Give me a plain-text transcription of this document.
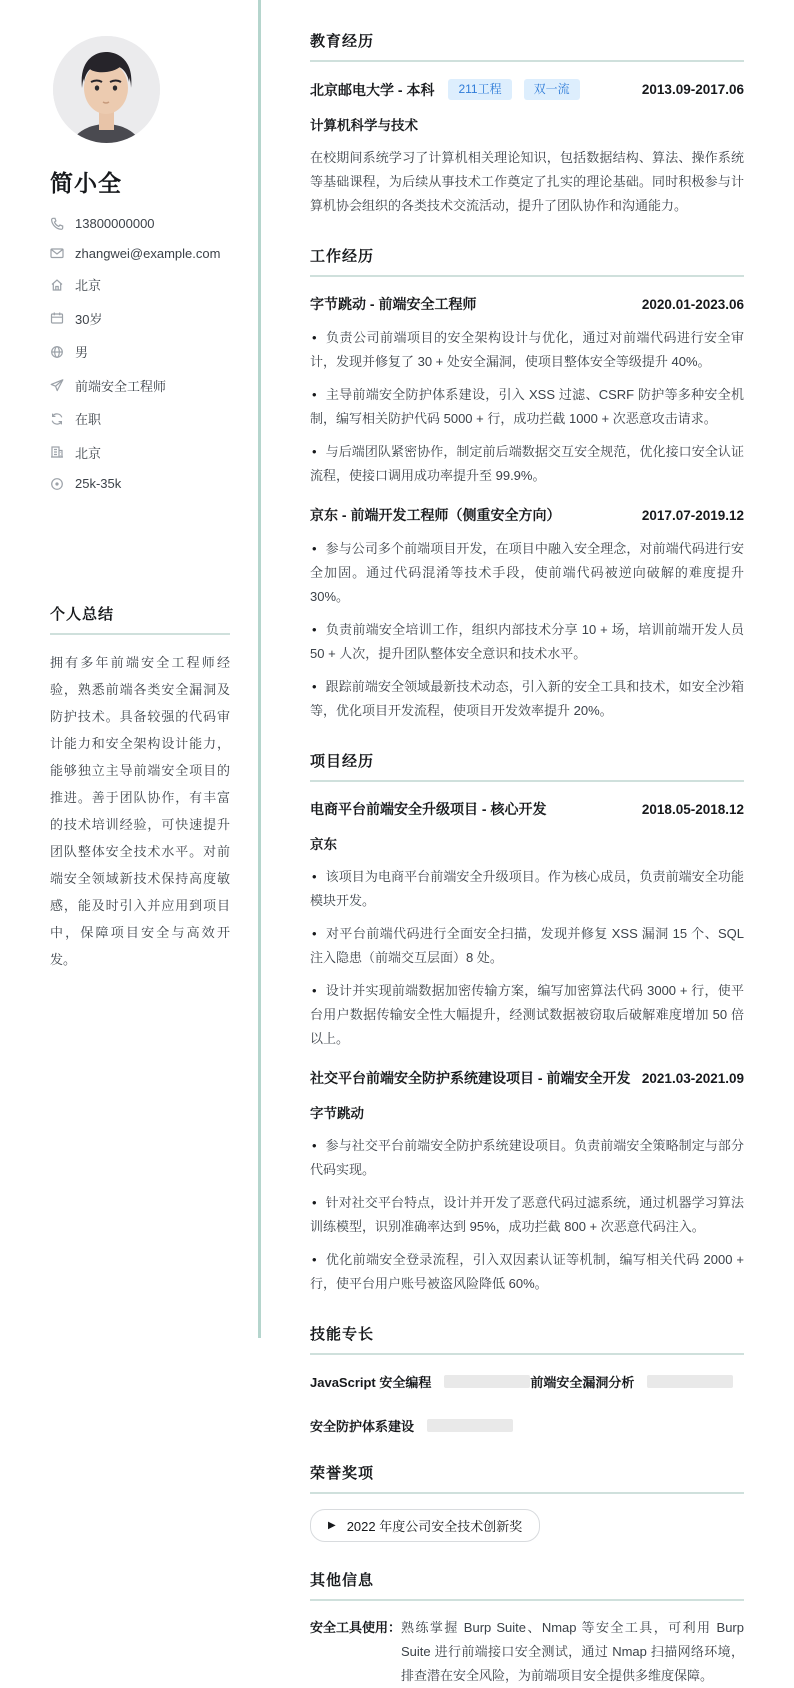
简小全
13800000000
zhangwei@example.com
北京
30岁
男
前端安全工程师
在职
北京
25k-35k
个人总结

拥有多年前端安全工程师经验，熟悉前端各类安全漏洞及防护技术。具备较强的代码审计能力和安全架构设计能力，能够独立主导前端安全项目的推进。善于团队协作，有丰富的技术培训经验，可快速提升团队整体安全技术水平。对前端安全领域新技术保持高度敏感，能及时引入并应用到项目中，保障项目安全与高效开发。

教育经历
北京邮电大学 - 本科	211工程	双一流	2013.09-2017.06
计算机科学与技术

在校期间系统学习了计算机相关理论知识，包括数据结构、算法、操作系统等基础课程，为后续从事技术工作奠定了扎实的理论基础。同时积极参与计算机协会组织的各类技术交流活动，提升了团队协作和沟通能力。

工作经历
字节跳动 - 前端安全工程师	2020.01-2023.06

• 负责公司前端项目的安全架构设计与优化，通过对前端代码进行安全审计，发现并修复了 30 + 处安全漏洞，使项目整体安全等级提升 40%。

• 主导前端安全防护体系建设，引入 XSS 过滤、CSRF 防护等多种安全机制，编写相关防护代码 5000 + 行，成功拦截 1000 + 次恶意攻击请求。

• 与后端团队紧密协作，制定前后端数据交互安全规范，优化接口安全认证流程，使接口调用成功率提升至 99.9%。

京东 - 前端开发工程师（侧重安全方向）	2017.07-2019.12

• 参与公司多个前端项目开发，在项目中融入安全理念，对前端代码进行安全加固。通过代码混淆等技术手段，使前端代码被逆向破解的难度提升 30%。

• 负责前端安全培训工作，组织内部技术分享 10 + 场，培训前端开发人员 50 + 人次，提升团队整体安全意识和技术水平。

• 跟踪前端安全领域最新技术动态，引入新的安全工具和技术，如安全沙箱等，优化项目开发流程，使项目开发效率提升 20%。

项目经历
电商平台前端安全升级项目 - 核心开发	2018.05-2018.12
京东

• 该项目为电商平台前端安全升级项目。作为核心成员，负责前端安全功能模块开发。

• 对平台前端代码进行全面安全扫描，发现并修复 XSS 漏洞 15 个、SQL 注入隐患（前端交互层面）8 处。

• 设计并实现前端数据加密传输方案，编写加密算法代码 3000 + 行，使平台用户数据传输安全性大幅提升，经测试数据被窃取后破解难度增加 50 倍以上。

社交平台前端安全防护系统建设项目 - 前端安全开发 2021.03-2021.09
字节跳动

• 参与社交平台前端安全防护系统建设项目。负责前端安全策略制定与部分代码实现。

• 针对社交平台特点，设计并开发了恶意代码过滤系统，通过机器学习算法训练模型，识别准确率达到 95%，成功拦截 800 + 次恶意代码注入。

• 优化前端安全登录流程，引入双因素认证等机制，编写相关代码 2000 + 行，使平台用户账号被盗风险降低 60%。

技能专长
JavaScript 安全编程	前端安全漏洞分析
安全防护体系建设
荣誉奖项
▶ 2022 年度公司安全技术创新奖
其他信息
安全工具使用： 熟练掌握 Burp Suite、Nmap 等安全工具，可利用 Burp Suite 进行前端接口安全测试，通过 Nmap 扫描网络环境，排查潜在安全风险，为前端项目安全提供多维度保障。
